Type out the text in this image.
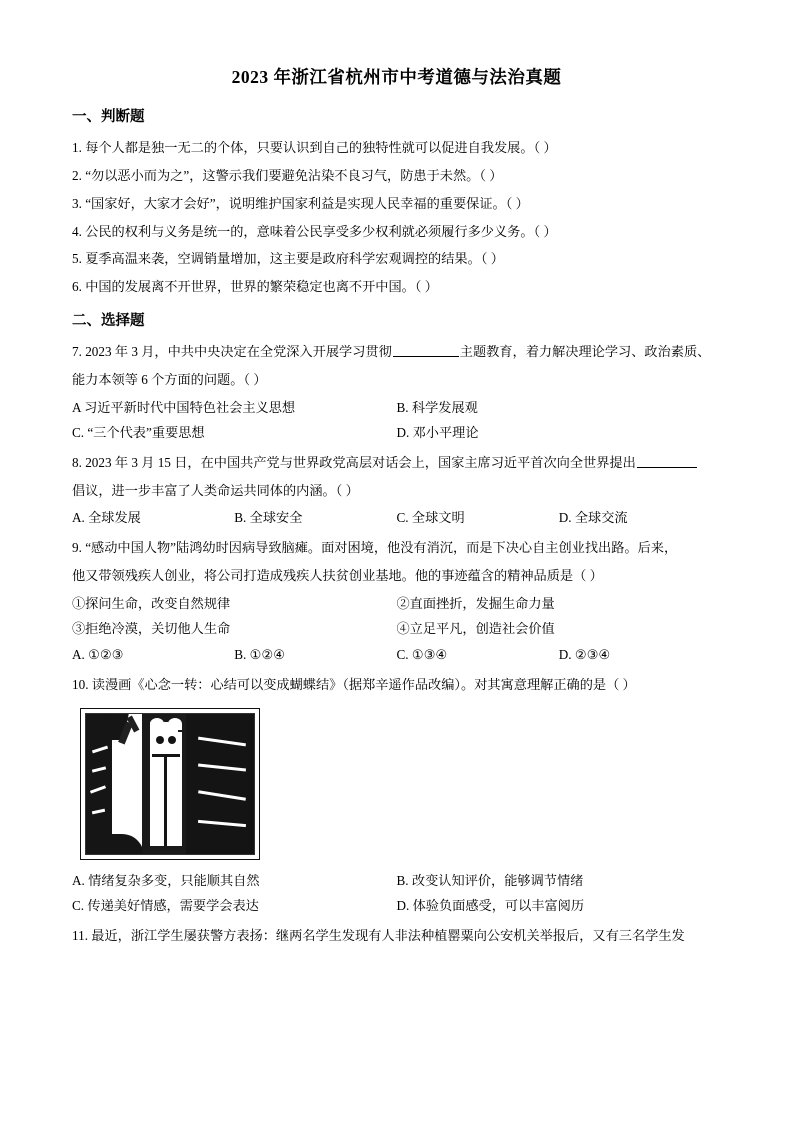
2023 年浙江省杭州市中考道德与法治真题
一、判断题
1. 每个人都是独一无二的个体，只要认识到自己的独特性就可以促进自我发展。（ ）
2. “勿以恶小而为之”，这警示我们要避免沾染不良习气，防患于未然。（ ）
3. “国家好，大家才会好”，说明维护国家利益是实现人民幸福的重要保证。（ ）
4. 公民的权利与义务是统一的，意味着公民享受多少权利就必须履行多少义务。（ ）
5. 夏季高温来袭，空调销量增加，这主要是政府科学宏观调控的结果。（ ）
6. 中国的发展离不开世界，世界的繁荣稳定也离不开中国。（ ）
二、选择题
7. 2023 年 3 月，中共中央决定在全党深入开展学习贯彻	主题教育，着力解决理论学习、政治素质、
能力本领等 6 个方面的问题。（ ）
A 习近平新时代中国特色社会主义思想	B. 科学发展观
C. “三个代表”重要思想	D. 邓小平理论
8. 2023 年 3 月 15 日，在中国共产党与世界政党高层对话会上，国家主席习近平首次向全世界提出
倡议，进一步丰富了人类命运共同体的内涵。（ ）
A. 全球发展	B. 全球安全	C. 全球文明	D. 全球交流
9. “感动中国人物”陆鸿幼时因病导致脑瘫。面对困境，他没有消沉，而是下决心自主创业找出路。后来，
他又带领残疾人创业，将公司打造成残疾人扶贫创业基地。他的事迹蕴含的精神品质是（ ）
①探问生命，改变自然规律	②直面挫折，发掘生命力量
③拒绝冷漠，关切他人生命	④立足平凡，创造社会价值
A. ①②③	B. ①②④	C. ①③④	D. ②③④
10. 读漫画《心念一转：心结可以变成蝴蝶结》（据郑辛遥作品改编）。对其寓意理解正确的是（ ）
A. 情绪复杂多变，只能顺其自然	B. 改变认知评价，能够调节情绪
C. 传递美好情感，需要学会表达	D. 体验负面感受，可以丰富阅历
11. 最近，浙江学生屡获警方表扬：继两名学生发现有人非法种植罂粟向公安机关举报后，又有三名学生发
